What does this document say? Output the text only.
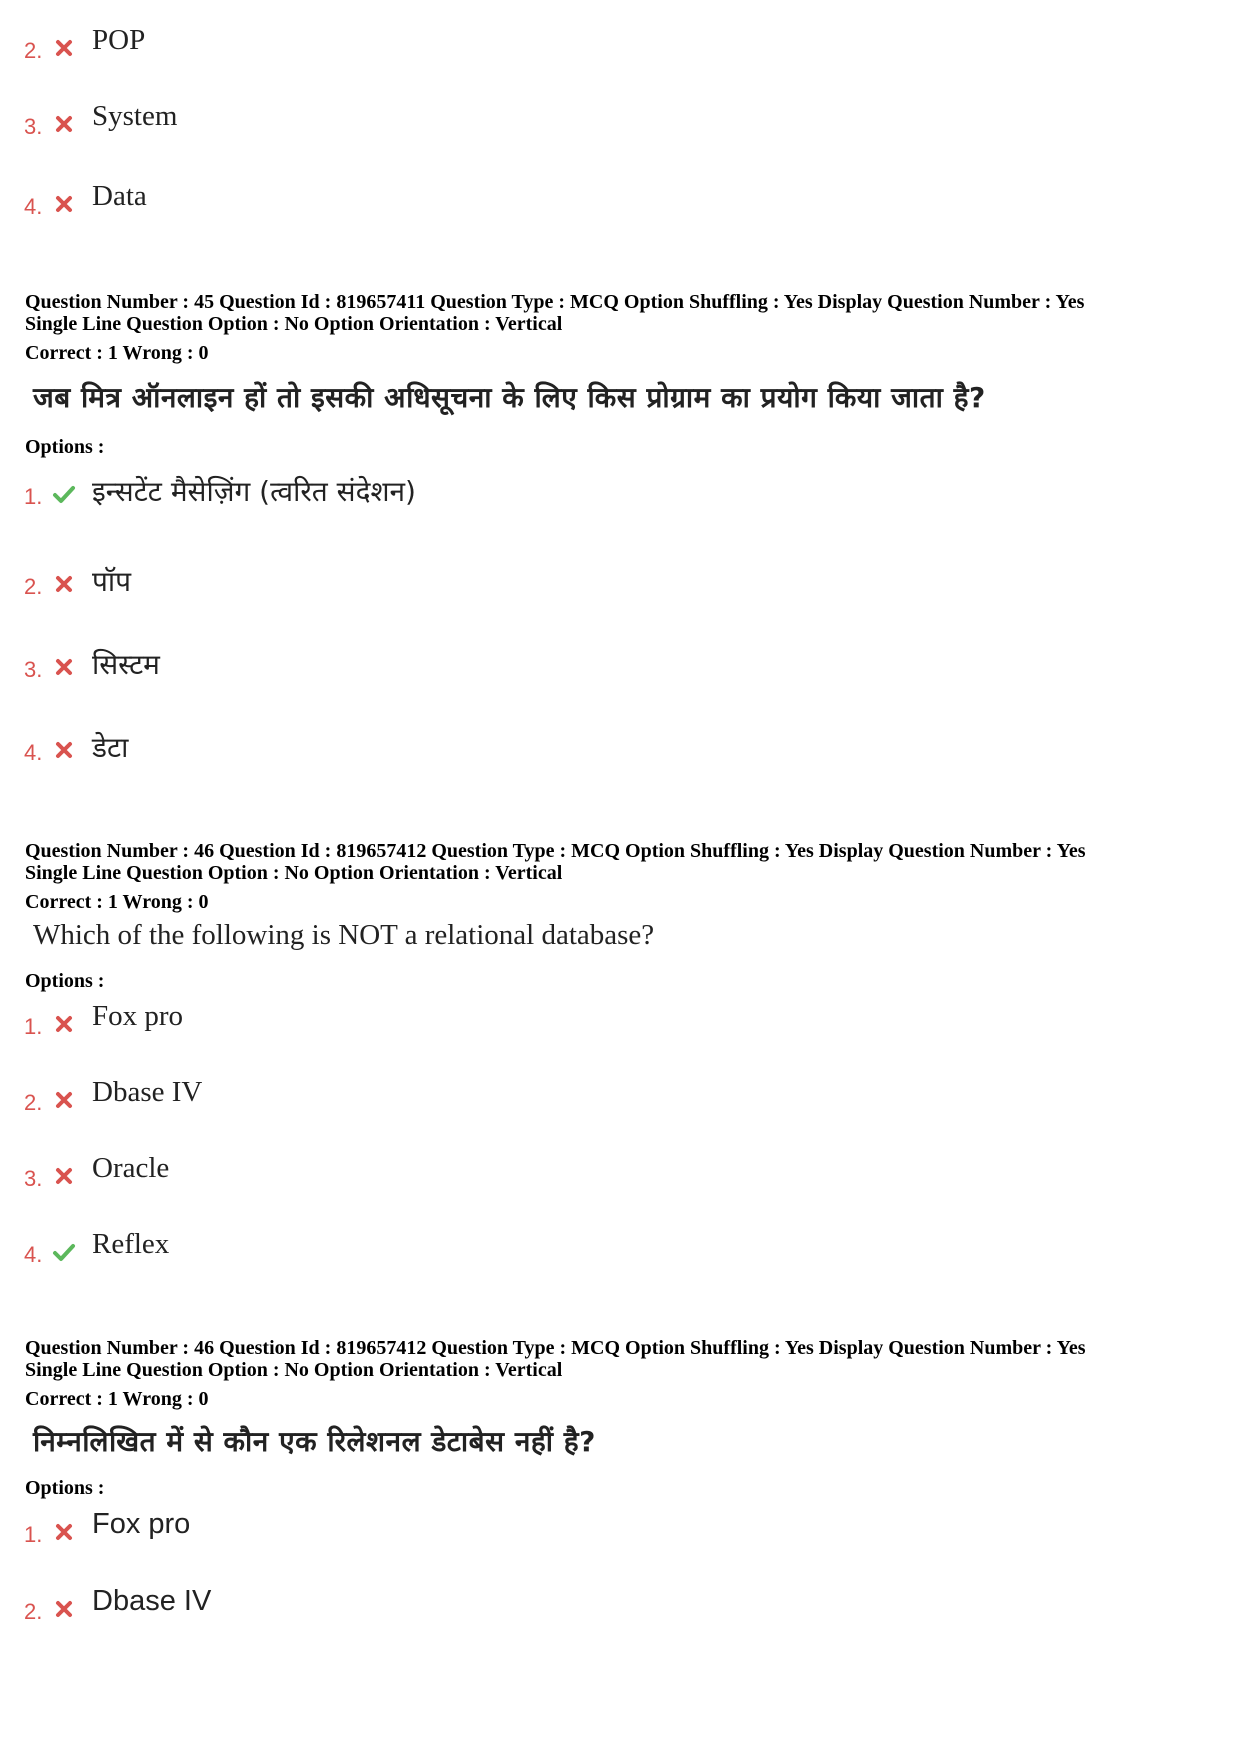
2. POP
3. System
4. Data
Question Number : 45 Question Id : 819657411 Question Type : MCQ Option Shuffling : Yes Display Question Number : Yes
Single Line Question Option : No Option Orientation : Vertical
Correct : 1 Wrong : 0
जब मित्र ऑनलाइन हों तो इसकी अधिसूचना के लिए किस प्रोग्राम का प्रयोग किया जाता है?
Options :
1. इन्सटेंट मैसेज़िंग (त्वरित संदेशन)
2. पॉप
3. सिस्टम
4. डेटा
Question Number : 46 Question Id : 819657412 Question Type : MCQ Option Shuffling : Yes Display Question Number : Yes
Single Line Question Option : No Option Orientation : Vertical
Correct : 1 Wrong : 0
Which of the following is NOT a relational database?
Options :
1. Fox pro
2. Dbase IV
3. Oracle
4. Reflex
Question Number : 46 Question Id : 819657412 Question Type : MCQ Option Shuffling : Yes Display Question Number : Yes
Single Line Question Option : No Option Orientation : Vertical
Correct : 1 Wrong : 0
निम्नलिखित में से कौन एक रिलेशनल डेटाबेस नहीं है?
Options :
1. Fox pro
2. Dbase IV
